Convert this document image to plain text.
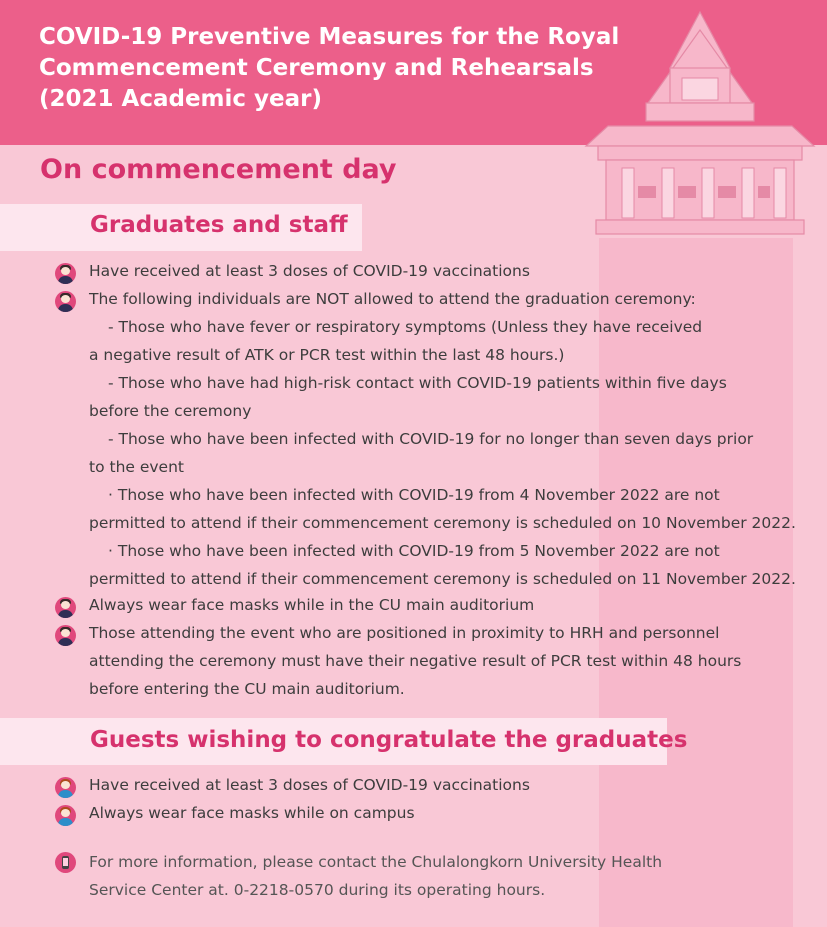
COVID-19 Preventive Measures for the Royal
Commencement Ceremony and Rehearsals
(2021 Academic year)
On commencement day
Graduates and staff
Have received at least 3 doses of COVID-19 vaccinations
The following individuals are NOT allowed to attend the graduation ceremony:
- Those who have fever or respiratory symptoms (Unless they have received
a negative result of ATK or PCR test within the last 48 hours.)
- Those who have had high-risk contact with COVID-19 patients within five days
before the ceremony
- Those who have been infected with COVID-19 for no longer than seven days prior
to the event
· Those who have been infected with COVID-19 from 4 November 2022 are not
permitted to attend if their commencement ceremony is scheduled on 10 November 2022.
· Those who have been infected with COVID-19 from 5 November 2022 are not
permitted to attend if their commencement ceremony is scheduled on 11 November 2022.
Always wear face masks while in the CU main auditorium
Those attending the event who are positioned in proximity to HRH and personnel
attending the ceremony must have their negative result of PCR test within 48 hours
before entering the CU main auditorium.
Guests wishing to congratulate the graduates
Have received at least 3 doses of COVID-19 vaccinations
Always wear face masks while on campus
For more information, please contact the Chulalongkorn University Health
Service Center at. 0-2218-0570 during its operating hours.
